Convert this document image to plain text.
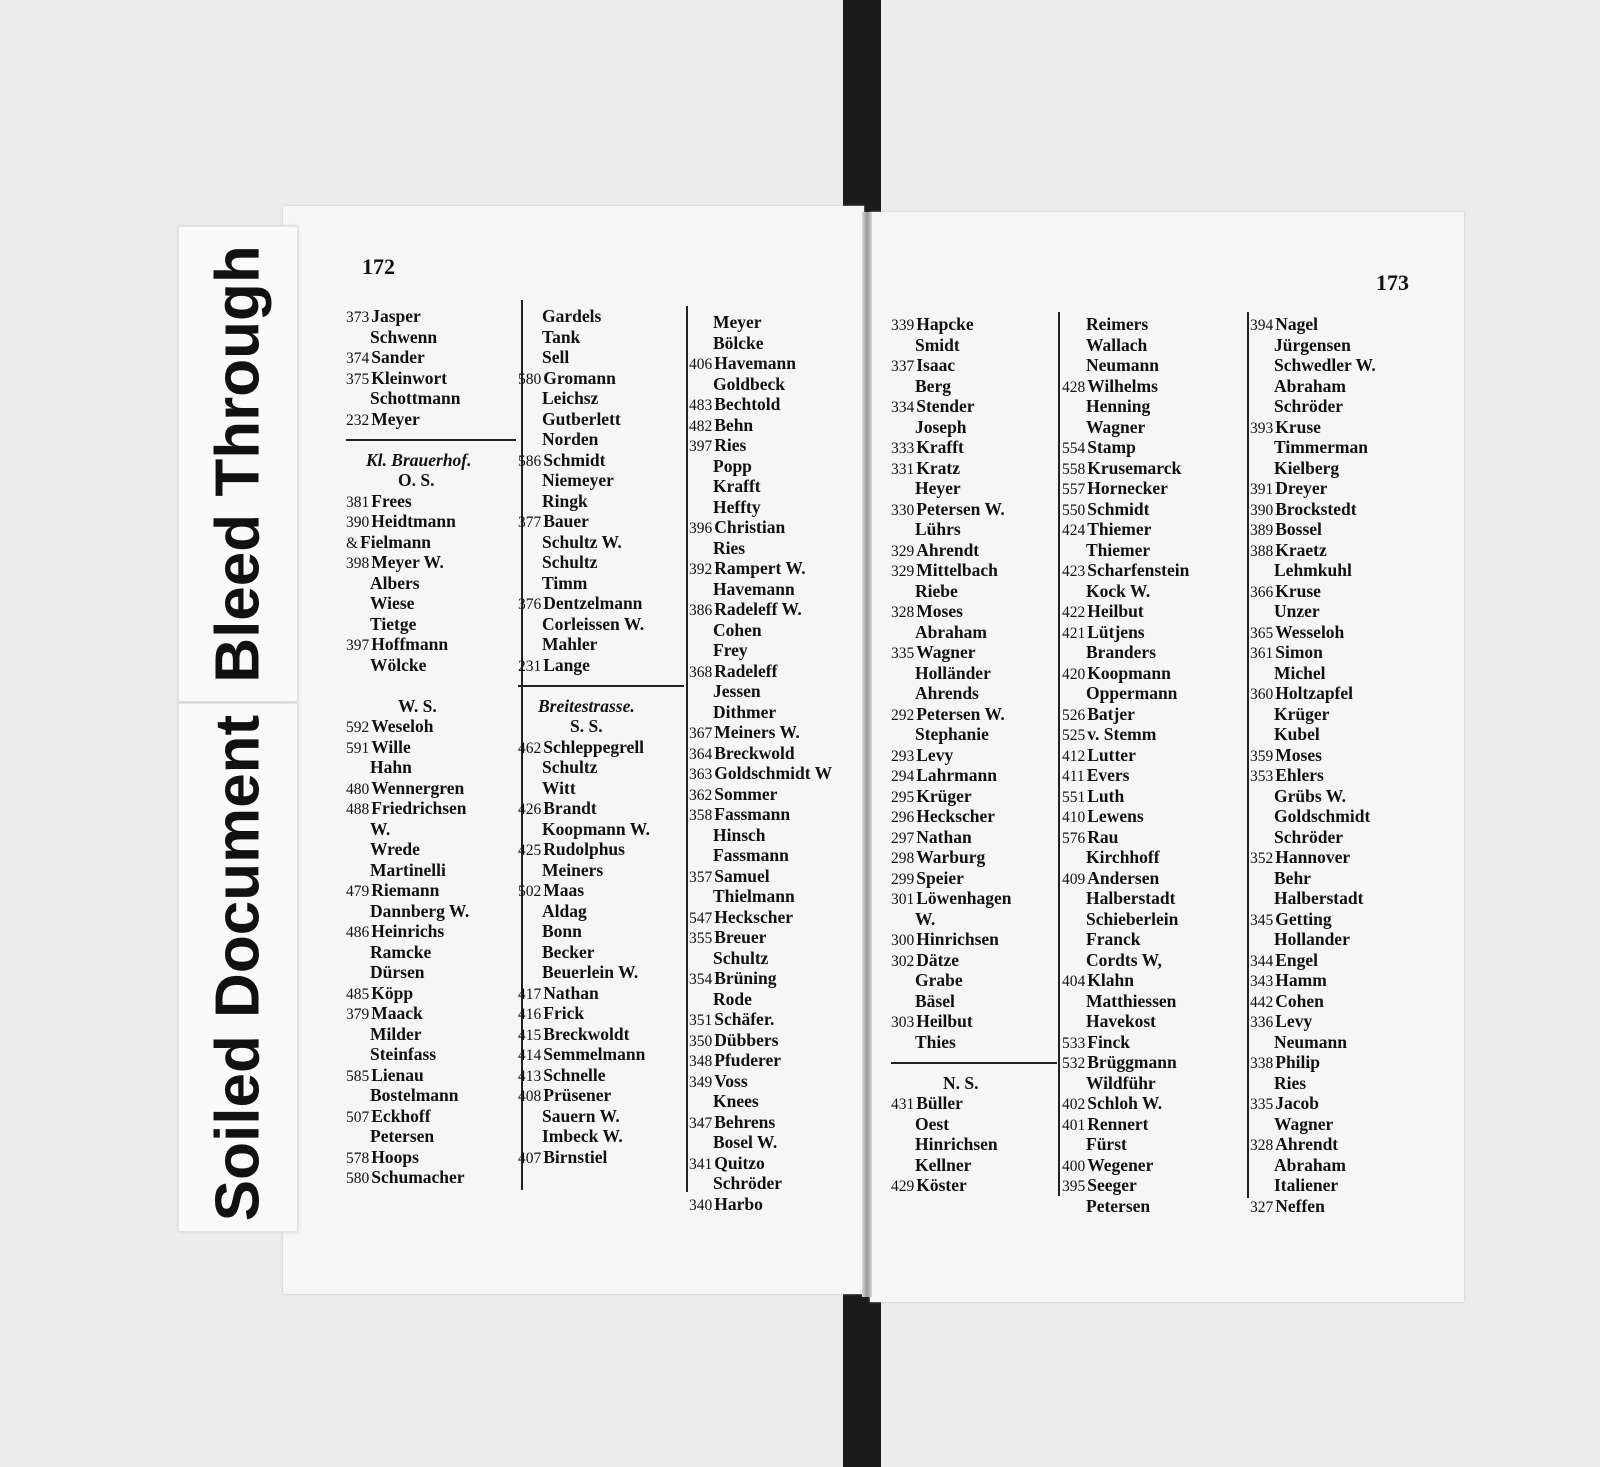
Bleed Through
Soiled Document
172
173
373 Jasper
Schwenn
374 Sander
375 Kleinwort
Schottmann
232 Meyer
Kl. Brauerhof.
O. S.
381 Frees
390 Heidtmann
& Fielmann
398 Meyer W.
Albers
Wiese
Tietge
397 Hoffmann
Wölcke
W. S.
592 Weseloh
591 Wille
Hahn
480 Wennergren
488 Friedrichsen
W.
Wrede
Martinelli
479 Riemann
Dannberg W.
486 Heinrichs
Ramcke
Dürsen
485 Köpp
379 Maack
Milder
Steinfass
585 Lienau
Bostelmann
507 Eckhoff
Petersen
578 Hoops
580 Schumacher
Gardels
Tank
Sell
580 Gromann
Leichsz
Gutberlett
Norden
586 Schmidt
Niemeyer
Ringk
377 Bauer
Schultz W.
Schultz
Timm
376 Dentzelmann
Corleissen W.
Mahler
231 Lange
Breitestrasse.
S. S.
462 Schleppegrell
Schultz
Witt
426 Brandt
Koopmann W.
425 Rudolphus
Meiners
502 Maas
Aldag
Bonn
Becker
Beuerlein W.
417 Nathan
416 Frick
415 Breckwoldt
414 Semmelmann
413 Schnelle
408 Prüsener
Sauern W.
Imbeck W.
407 Birnstiel
Meyer
Bölcke
406 Havemann
Goldbeck
483 Bechtold
482 Behn
397 Ries
Popp
Krafft
Heffty
396 Christian
Ries
392 Rampert W.
Havemann
386 Radeleff W.
Cohen
Frey
368 Radeleff
Jessen
Dithmer
367 Meiners W.
364 Breckwold
363 Goldschmidt W
362 Sommer
358 Fassmann
Hinsch
Fassmann
357 Samuel
Thielmann
547 Heckscher
355 Breuer
Schultz
354 Brüning
Rode
351 Schäfer.
350 Dübbers
348 Pfuderer
349 Voss
Knees
347 Behrens
Bosel W.
341 Quitzo
Schröder
340 Harbo
339 Hapcke
Smidt
337 Isaac
Berg
334 Stender
Joseph
333 Krafft
331 Kratz
Heyer
330 Petersen W.
Lührs
329 Ahrendt
329 Mittelbach
Riebe
328 Moses
Abraham
335 Wagner
Holländer
Ahrends
292 Petersen W.
Stephanie
293 Levy
294 Lahrmann
295 Krüger
296 Heckscher
297 Nathan
298 Warburg
299 Speier
301 Löwenhagen
W.
300 Hinrichsen
302 Dätze
Grabe
Bäsel
303 Heilbut
Thies
N. S.
431 Büller
Oest
Hinrichsen
Kellner
429 Köster
Reimers
Wallach
Neumann
428 Wilhelms
Henning
Wagner
554 Stamp
558 Krusemarck
557 Hornecker
550 Schmidt
424 Thiemer
Thiemer
423 Scharfenstein
Kock W.
422 Heilbut
421 Lütjens
Branders
420 Koopmann
Oppermann
526 Batjer
525 v. Stemm
412 Lutter
411 Evers
551 Luth
410 Lewens
576 Rau
Kirchhoff
409 Andersen
Halberstadt
Schieberlein
Franck
Cordts W,
404 Klahn
Matthiessen
Havekost
533 Finck
532 Brüggmann
Wildführ
402 Schloh W.
401 Rennert
Fürst
400 Wegener
395 Seeger
Petersen
394 Nagel
Jürgensen
Schwedler W.
Abraham
Schröder
393 Kruse
Timmerman
Kielberg
391 Dreyer
390 Brockstedt
389 Bossel
388 Kraetz
Lehmkuhl
366 Kruse
Unzer
365 Wesseloh
361 Simon
Michel
360 Holtzapfel
Krüger
Kubel
359 Moses
353 Ehlers
Grübs W.
Goldschmidt
Schröder
352 Hannover
Behr
Halberstadt
345 Getting
Hollander
344 Engel
343 Hamm
442 Cohen
336 Levy
Neumann
338 Philip
Ries
335 Jacob
Wagner
328 Ahrendt
Abraham
Italiener
327 Neffen
